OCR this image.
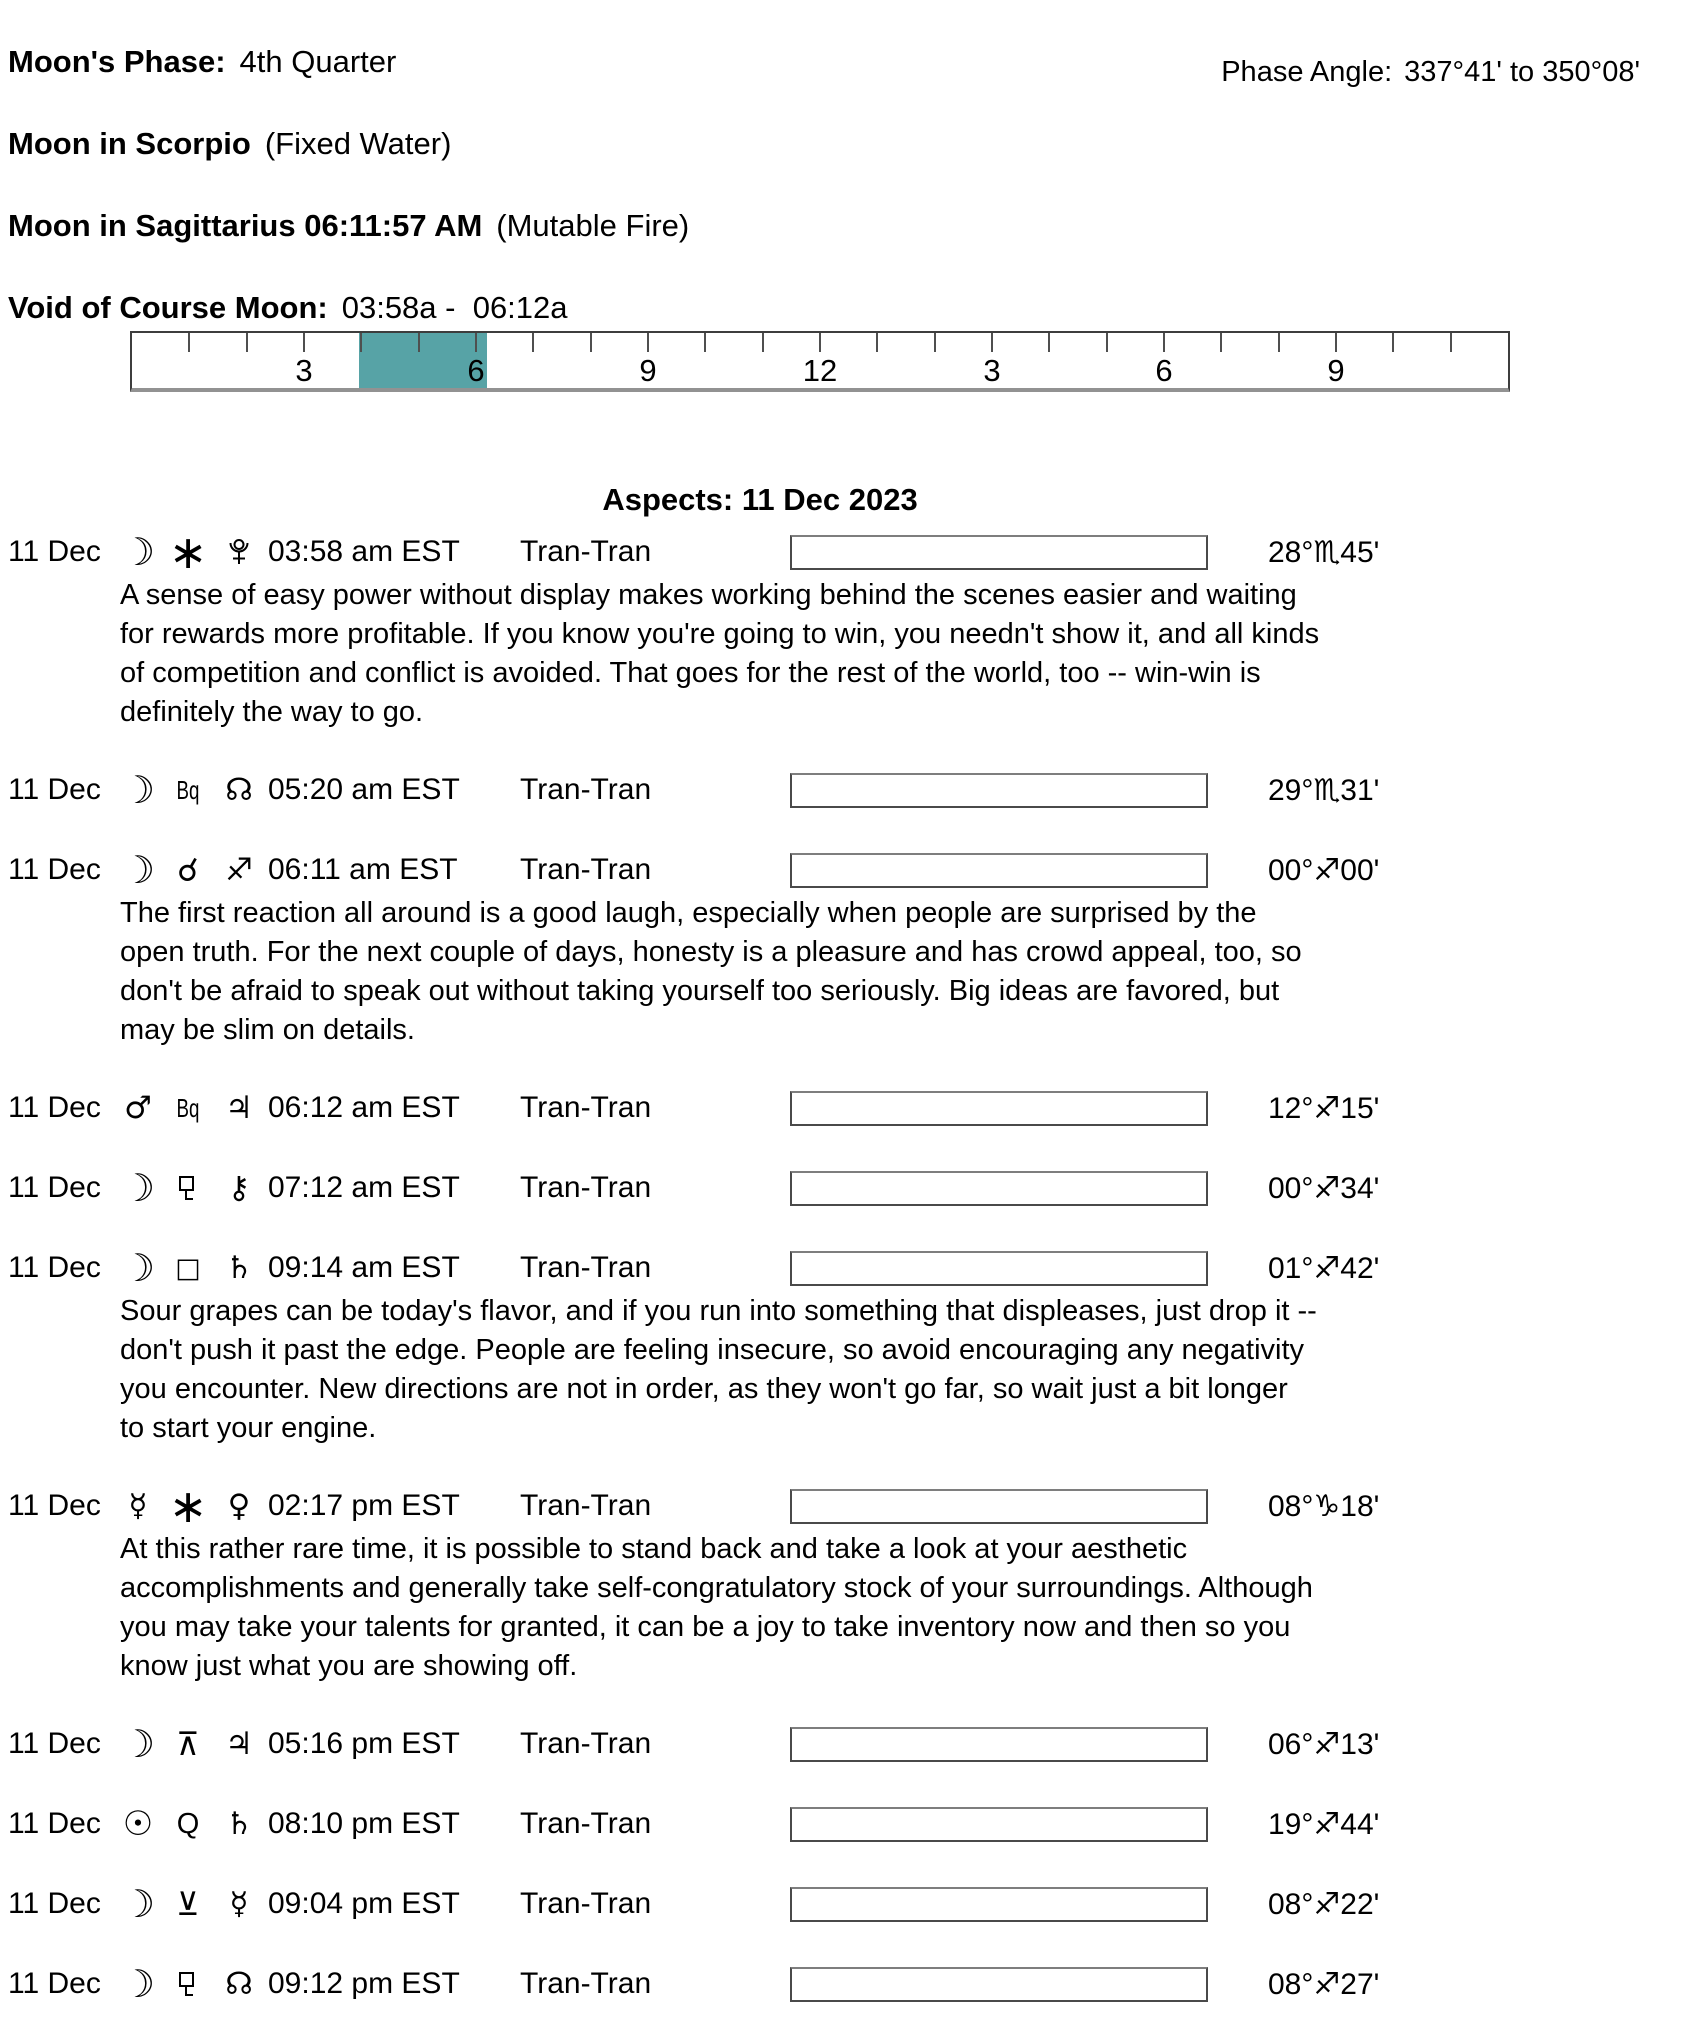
Moon's Phase: 4th Quarter	Phase Angle: 337°41' to 350°08'
Moon in Scorpio (Fixed Water)
Moon in Sagittarius 06:11:57 AM (Mutable Fire)
Void of Course Moon: 03:58a -  06:12a
3	6	9	12	3	6	9
Aspects: 11 Dec 2023
11 Dec ☽ ∗ 03:58 am EST Tran-Tran	28°♏45'
A sense of easy power without display makes working behind the scenes easier and waiting for rewards more profitable. If you know you're going to win, you needn't show it, and all kinds of competition and conflict is avoided. That goes for the rest of the world, too -- win-win is definitely the way to go.
11 Dec ☽ Bq ☊ 05:20 am EST Tran-Tran	29°♏31'
11 Dec ☽ ☌ ♐ 06:11 am EST Tran-Tran	00°♐00'
The first reaction all around is a good laugh, especially when people are surprised by the open truth. For the next couple of days, honesty is a pleasure and has crowd appeal, too, so don't be afraid to speak out without taking yourself too seriously. Big ideas are favored, but may be slim on details.
11 Dec ♂ Bq ♃ 06:12 am EST Tran-Tran	12°♐15'
11 Dec ☽ ⚷ 07:12 am EST Tran-Tran	00°♐34'
11 Dec ☽ □ ♄ 09:14 am EST Tran-Tran	01°♐42'
Sour grapes can be today's flavor, and if you run into something that displeases, just drop it -- don't push it past the edge. People are feeling insecure, so avoid encouraging any negativity you encounter. New directions are not in order, as they won't go far, so wait just a bit longer to start your engine.
11 Dec ☿ ∗ ♀ 02:17 pm EST Tran-Tran	08°♑18'
At this rather rare time, it is possible to stand back and take a look at your aesthetic accomplishments and generally take self-congratulatory stock of your surroundings. Although you may take your talents for granted, it can be a joy to take inventory now and then so you know just what you are showing off.
11 Dec ☽ ⊼ ♃ 05:16 pm EST Tran-Tran	06°♐13'
11 Dec ☉ Q ♄ 08:10 pm EST Tran-Tran	19°♐44'
11 Dec ☽ ⊻ ☿ 09:04 pm EST Tran-Tran	08°♐22'
11 Dec ☽ ☊ 09:12 pm EST Tran-Tran	08°♐27'
